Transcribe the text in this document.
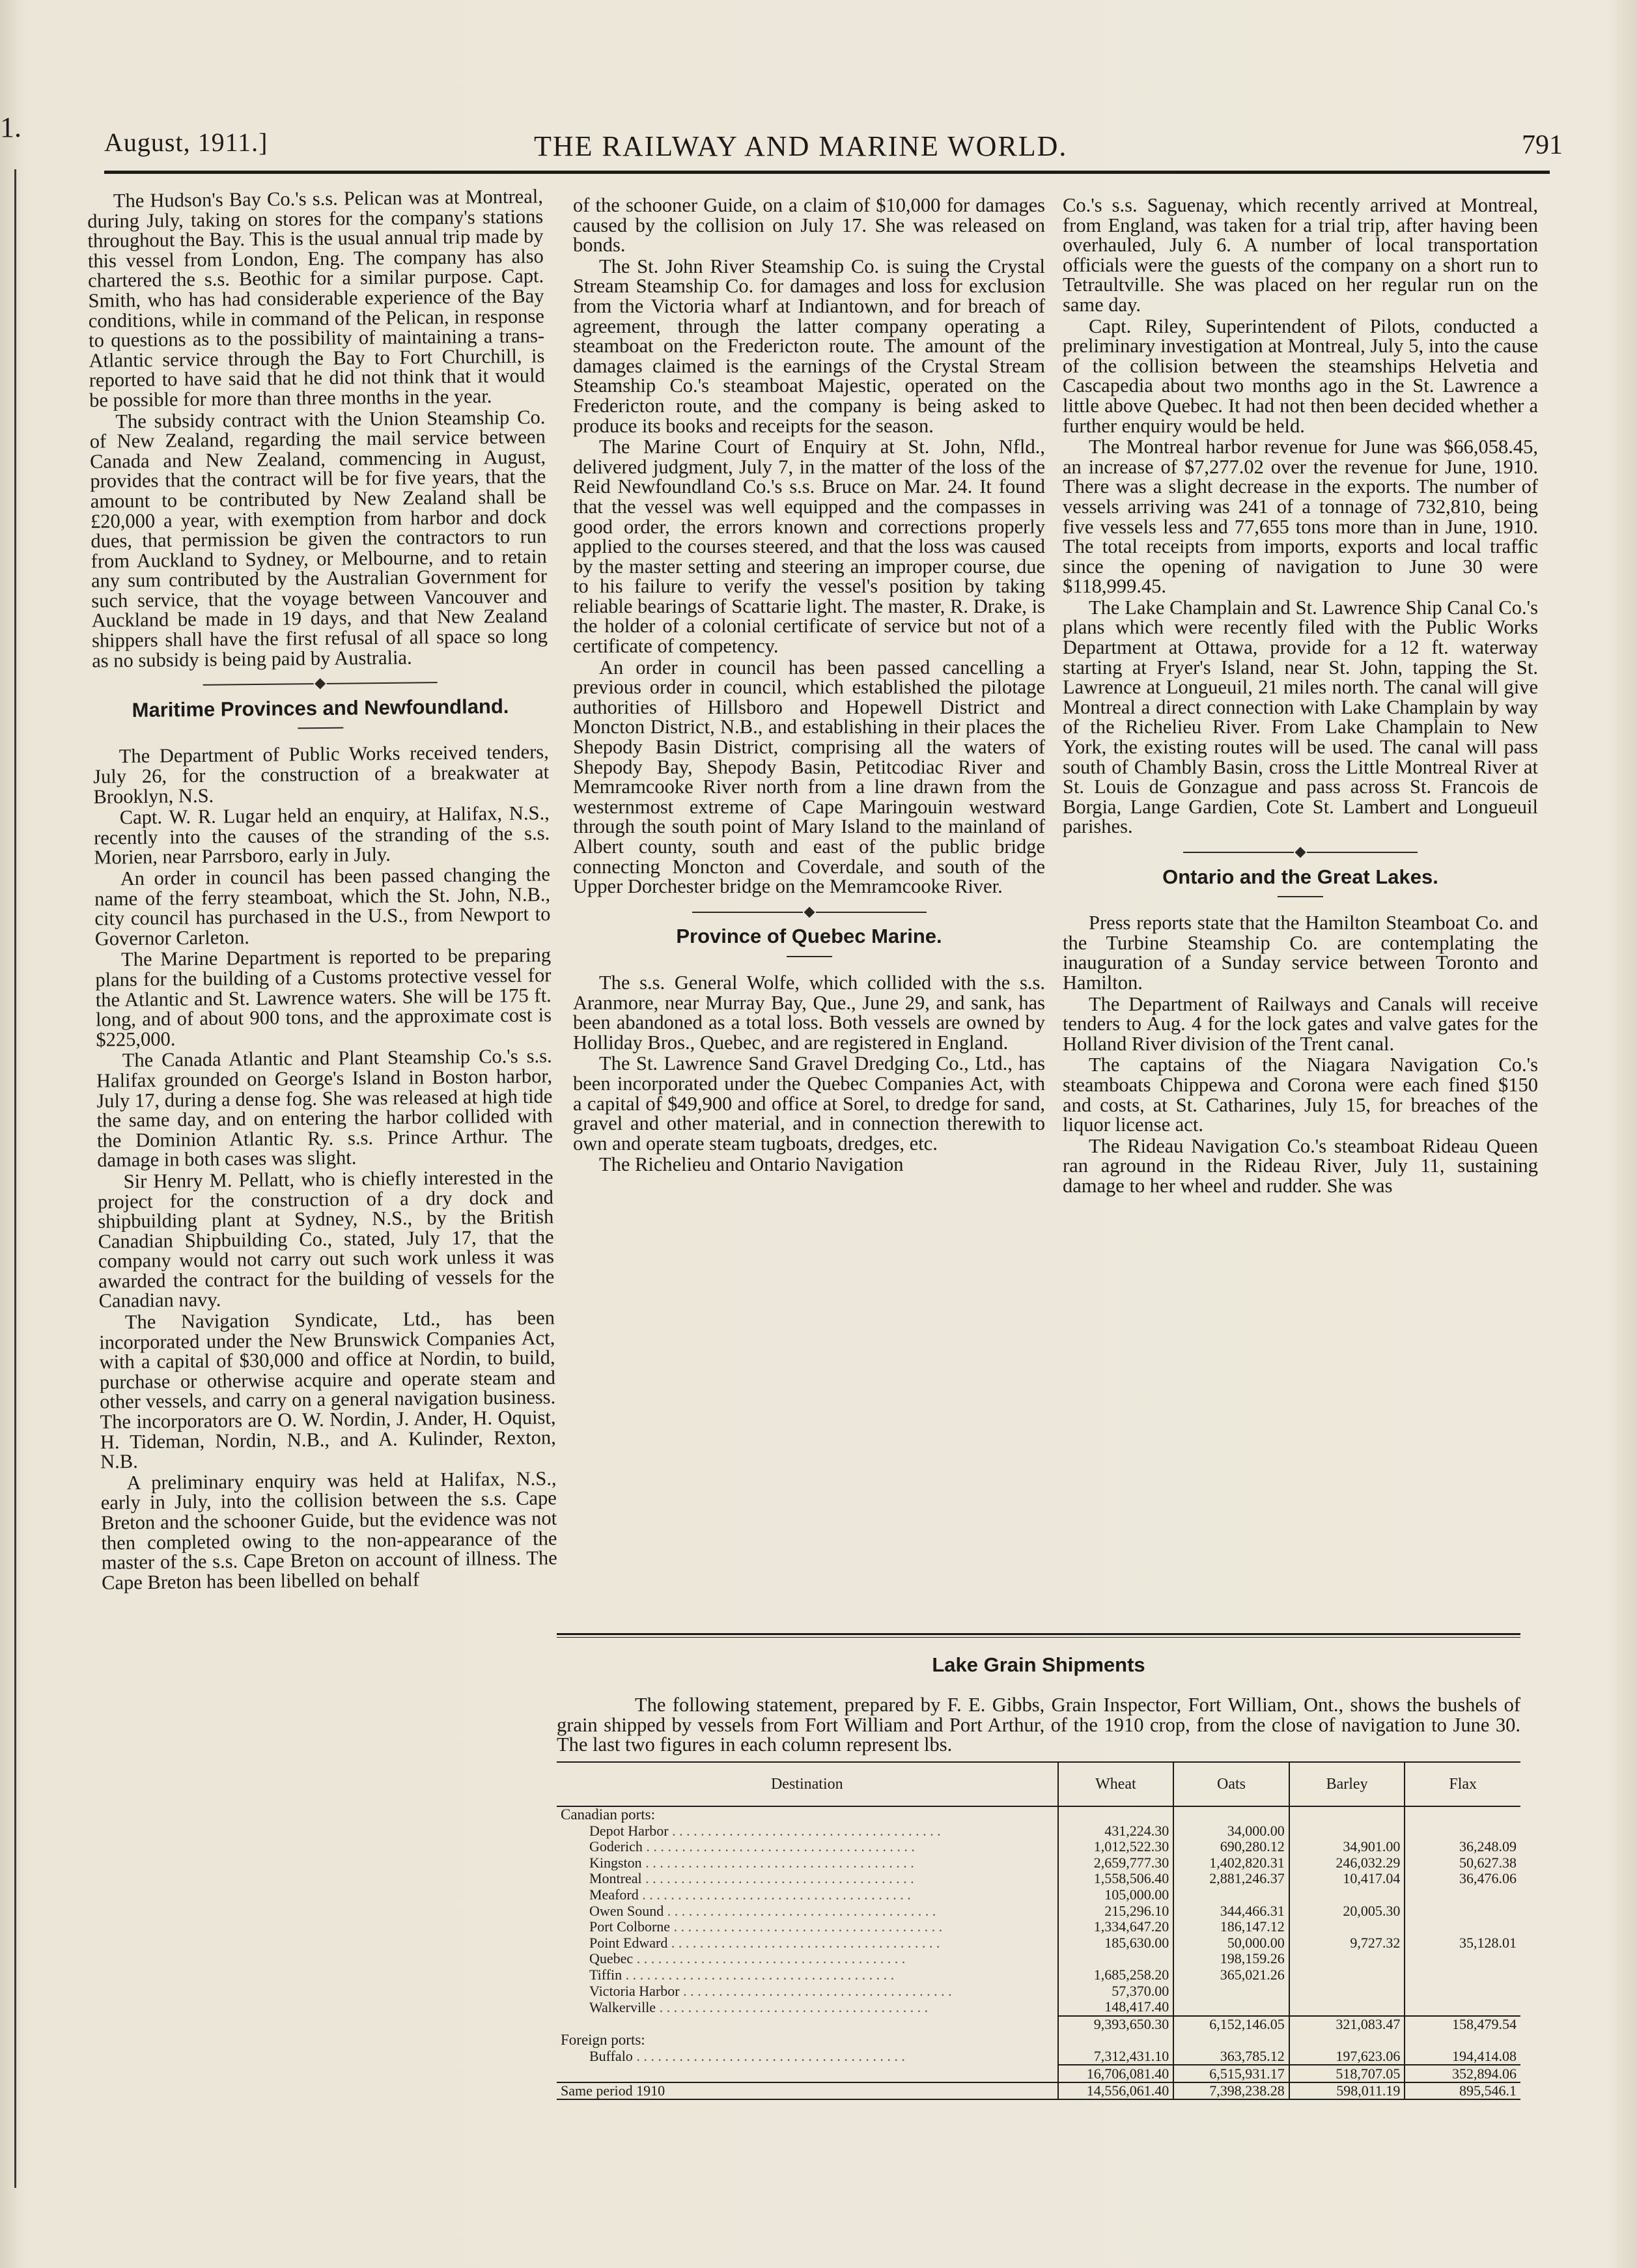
1.	August, 1911.]	THE RAILWAY AND MARINE WORLD.	791

The Hudson's Bay Co.'s s.s. Pelican was at Montreal, during July, taking on stores for the company's stations throughout the Bay. This is the usual annual trip made by this vessel from London, Eng. The company has also chartered the s.s. Beothic for a similar purpose. Capt. Smith, who has had considerable experience of the Bay conditions, while in command of the Pelican, in response to questions as to the possibility of maintaining a trans-Atlantic service through the Bay to Fort Churchill, is reported to have said that he did not think that it would be possible for more than three months in the year.

The subsidy contract with the Union Steamship Co. of New Zealand, regarding the mail service between Canada and New Zealand, commencing in August, provides that the contract will be for five years, that the amount to be contributed by New Zealand shall be £20,000 a year, with exemption from harbor and dock dues, that permission be given the contractors to run from Auckland to Sydney, or Melbourne, and to retain any sum contributed by the Australian Government for such service, that the voyage between Vancouver and Auckland be made in 19 days, and that New Zealand shippers shall have the first refusal of all space so long as no subsidy is being paid by Australia.

Maritime Provinces and Newfoundland.

The Department of Public Works received tenders, July 26, for the construction of a breakwater at Brooklyn, N.S.

Capt. W. R. Lugar held an enquiry, at Halifax, N.S., recently into the causes of the stranding of the s.s. Morien, near Parrsboro, early in July.

An order in council has been passed changing the name of the ferry steamboat, which the St. John, N.B., city council has purchased in the U.S., from Newport to Governor Carleton.

The Marine Department is reported to be preparing plans for the building of a Customs protective vessel for the Atlantic and St. Lawrence waters. She will be 175 ft. long, and of about 900 tons, and the approximate cost is $225,000.

The Canada Atlantic and Plant Steamship Co.'s s.s. Halifax grounded on George's Island in Boston harbor, July 17, during a dense fog. She was released at high tide the same day, and on entering the harbor collided with the Dominion Atlantic Ry. s.s. Prince Arthur. The damage in both cases was slight.

Sir Henry M. Pellatt, who is chiefly interested in the project for the construction of a dry dock and shipbuilding plant at Sydney, N.S., by the British Canadian Shipbuilding Co., stated, July 17, that the company would not carry out such work unless it was awarded the contract for the building of vessels for the Canadian navy.

The Navigation Syndicate, Ltd., has been incorporated under the New Brunswick Companies Act, with a capital of $30,000 and office at Nordin, to build, purchase or otherwise acquire and operate steam and other vessels, and carry on a general navigation business. The incorporators are O. W. Nordin, J. Ander, H. Oquist, H. Tideman, Nordin, N.B., and A. Kulinder, Rexton, N.B.

A preliminary enquiry was held at Halifax, N.S., early in July, into the collision between the s.s. Cape Breton and the schooner Guide, but the evidence was not then completed owing to the non-appearance of the master of the s.s. Cape Breton on account of illness. The Cape Breton has been libelled on behalf

of the schooner Guide, on a claim of $10,000 for damages caused by the collision on July 17. She was released on bonds.

The St. John River Steamship Co. is suing the Crystal Stream Steamship Co. for damages and loss for exclusion from the Victoria wharf at Indiantown, and for breach of agreement, through the latter company operating a steamboat on the Fredericton route. The amount of the damages claimed is the earnings of the Crystal Stream Steamship Co.'s steamboat Majestic, operated on the Fredericton route, and the company is being asked to produce its books and receipts for the season.

The Marine Court of Enquiry at St. John, Nfld., delivered judgment, July 7, in the matter of the loss of the Reid Newfoundland Co.'s s.s. Bruce on Mar. 24. It found that the vessel was well equipped and the compasses in good order, the errors known and corrections properly applied to the courses steered, and that the loss was caused by the master setting and steering an improper course, due to his failure to verify the vessel's position by taking reliable bearings of Scattarie light. The master, R. Drake, is the holder of a colonial certificate of service but not of a certificate of competency.

An order in council has been passed cancelling a previous order in council, which established the pilotage authorities of Hillsboro and Hopewell District and Moncton District, N.B., and establishing in their places the Shepody Basin District, comprising all the waters of Shepody Bay, Shepody Basin, Petitcodiac River and Memramcooke River north from a line drawn from the westernmost extreme of Cape Maringouin westward through the south point of Mary Island to the mainland of Albert county, south and east of the public bridge connecting Moncton and Coverdale, and south of the Upper Dorchester bridge on the Memramcooke River.

Province of Quebec Marine.

The s.s. General Wolfe, which collided with the s.s. Aranmore, near Murray Bay, Que., June 29, and sank, has been abandoned as a total loss. Both vessels are owned by Holliday Bros., Quebec, and are registered in England.

The St. Lawrence Sand Gravel Dredging Co., Ltd., has been incorporated under the Quebec Companies Act, with a capital of $49,900 and office at Sorel, to dredge for sand, gravel and other material, and in connection therewith to own and operate steam tugboats, dredges, etc.

The Richelieu and Ontario Navigation

Co.'s s.s. Saguenay, which recently arrived at Montreal, from England, was taken for a trial trip, after having been overhauled, July 6. A number of local transportation officials were the guests of the company on a short run to Tetraultville. She was placed on her regular run on the same day.

Capt. Riley, Superintendent of Pilots, conducted a preliminary investigation at Montreal, July 5, into the cause of the collision between the steamships Helvetia and Cascapedia about two months ago in the St. Lawrence a little above Quebec. It had not then been decided whether a further enquiry would be held.

The Montreal harbor revenue for June was $66,058.45, an increase of $7,277.02 over the revenue for June, 1910. There was a slight decrease in the exports. The number of vessels arriving was 241 of a tonnage of 732,810, being five vessels less and 77,655 tons more than in June, 1910. The total receipts from imports, exports and local traffic since the opening of navigation to June 30 were $118,999.45.

The Lake Champlain and St. Lawrence Ship Canal Co.'s plans which were recently filed with the Public Works Department at Ottawa, provide for a 12 ft. waterway starting at Fryer's Island, near St. John, tapping the St. Lawrence at Longueuil, 21 miles north. The canal will give Montreal a direct connection with Lake Champlain by way of the Richelieu River. From Lake Champlain to New York, the existing routes will be used. The canal will pass south of Chambly Basin, cross the Little Montreal River at St. Louis de Gonzague and pass across St. Francois de Borgia, Lange Gardien, Cote St. Lambert and Longueuil parishes.

Ontario and the Great Lakes.

Press reports state that the Hamilton Steamboat Co. and the Turbine Steamship Co. are contemplating the inauguration of a Sunday service between Toronto and Hamilton.

The Department of Railways and Canals will receive tenders to Aug. 4 for the lock gates and valve gates for the Holland River division of the Trent canal.

The captains of the Niagara Navigation Co.'s steamboats Chippewa and Corona were each fined $150 and costs, at St. Catharines, July 15, for breaches of the liquor license act.

The Rideau Navigation Co.'s steamboat Rideau Queen ran aground in the Rideau River, July 11, sustaining damage to her wheel and rudder. She was

Lake Grain Shipments

The following statement, prepared by F. E. Gibbs, Grain Inspector, Fort William, Ont., shows the bushels of grain shipped by vessels from Fort William and Port Arthur, of the 1910 crop, from the close of navigation to June 30. The last two figures in each column represent lbs.

Destination	Wheat	Oats	Barley	Flax
Canadian ports:				
Depot Harbor . . .	431,224.30	34,000.00		
Goderich . . .	1,012,522.30	690,280.12	34,901.00	36,248.09
Kingston . . .	2,659,777.30	1,402,820.31	246,032.29	50,627.38
Montreal . . .	1,558,506.40	2,881,246.37	10,417.04	36,476.06
Meaford . . .	105,000.00			
Owen Sound . . .	215,296.10	344,466.31	20,005.30	
Port Colborne . . .	1,334,647.20	186,147.12		
Point Edward . . .	185,630.00	50,000.00	9,727.32	35,128.01
Quebec . . .		198,159.26		
Tiffin . . .	1,685,258.20	365,021.26		
Victoria Harbor . . .	57,370.00			
Walkerville . . .	148,417.40			
	9,393,650.30	6,152,146.05	321,083.47	158,479.54
Foreign ports:				
Buffalo . . .	7,312,431.10	363,785.12	197,623.06	194,414.08
	16,706,081.40	6,515,931.17	518,707.05	352,894.06
Same period 1910	14,556,061.40	7,398,238.28	598,011.19	895,546.1
